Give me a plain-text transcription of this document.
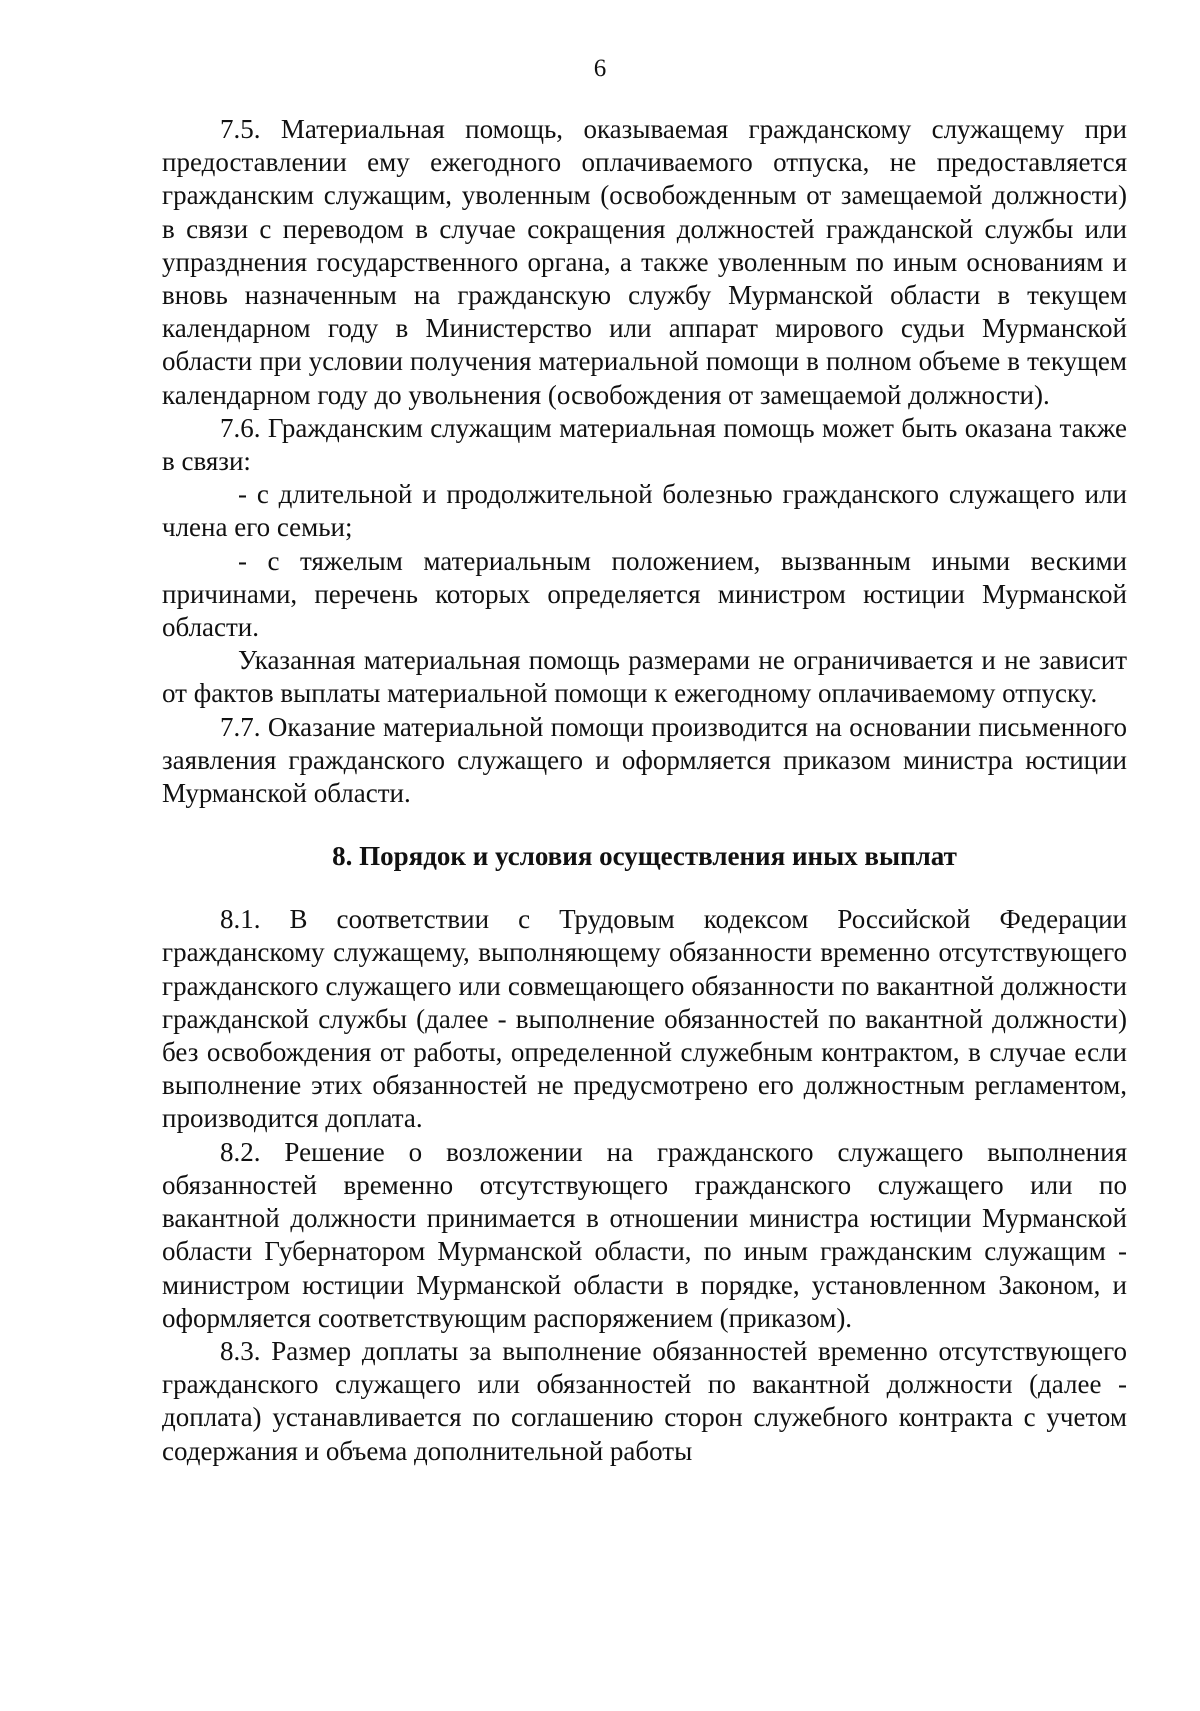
6

7.5. Материальная помощь, оказываемая гражданскому служащему при предоставлении ему ежегодного оплачиваемого отпуска, не предоставляется гражданским служащим, уволенным (освобожденным от замещаемой должности) в связи с переводом в случае сокращения должностей гражданской службы или упразднения государственного органа, а также уволенным по иным основаниям и вновь назначенным на гражданскую службу Мурманской области в текущем календарном году в Министерство или аппарат мирового судьи Мурманской области при условии получения материальной помощи в полном объеме в текущем календарном году до увольнения (освобождения от замещаемой должности).

7.6. Гражданским служащим материальная помощь может быть оказана также в связи:

- с длительной и продолжительной болезнью гражданского служащего или члена его семьи;

- с тяжелым материальным положением, вызванным иными вескими причинами, перечень которых определяется министром юстиции Мурманской области.

Указанная материальная помощь размерами не ограничивается и не зависит от фактов выплаты материальной помощи к ежегодному оплачиваемому отпуску.

7.7. Оказание материальной помощи производится на основании письменного заявления гражданского служащего и оформляется приказом министра юстиции Мурманской области.

8. Порядок и условия осуществления иных выплат

8.1. В соответствии с Трудовым кодексом Российской Федерации гражданскому служащему, выполняющему обязанности временно отсутствующего гражданского служащего или совмещающего обязанности по вакантной должности гражданской службы (далее - выполнение обязанностей по вакантной должности) без освобождения от работы, определенной служебным контрактом, в случае если выполнение этих обязанностей не предусмотрено его должностным регламентом, производится доплата.

8.2. Решение о возложении на гражданского служащего выполнения обязанностей временно отсутствующего гражданского служащего или по вакантной должности принимается в отношении министра юстиции Мурманской области Губернатором Мурманской области, по иным гражданским служащим - министром юстиции Мурманской области в порядке, установленном Законом, и оформляется соответствующим распоряжением (приказом).

8.3. Размер доплаты за выполнение обязанностей временно отсутствующего гражданского служащего или обязанностей по вакантной должности (далее - доплата) устанавливается по соглашению сторон служебного контракта с учетом содержания и объема дополнительной работы
